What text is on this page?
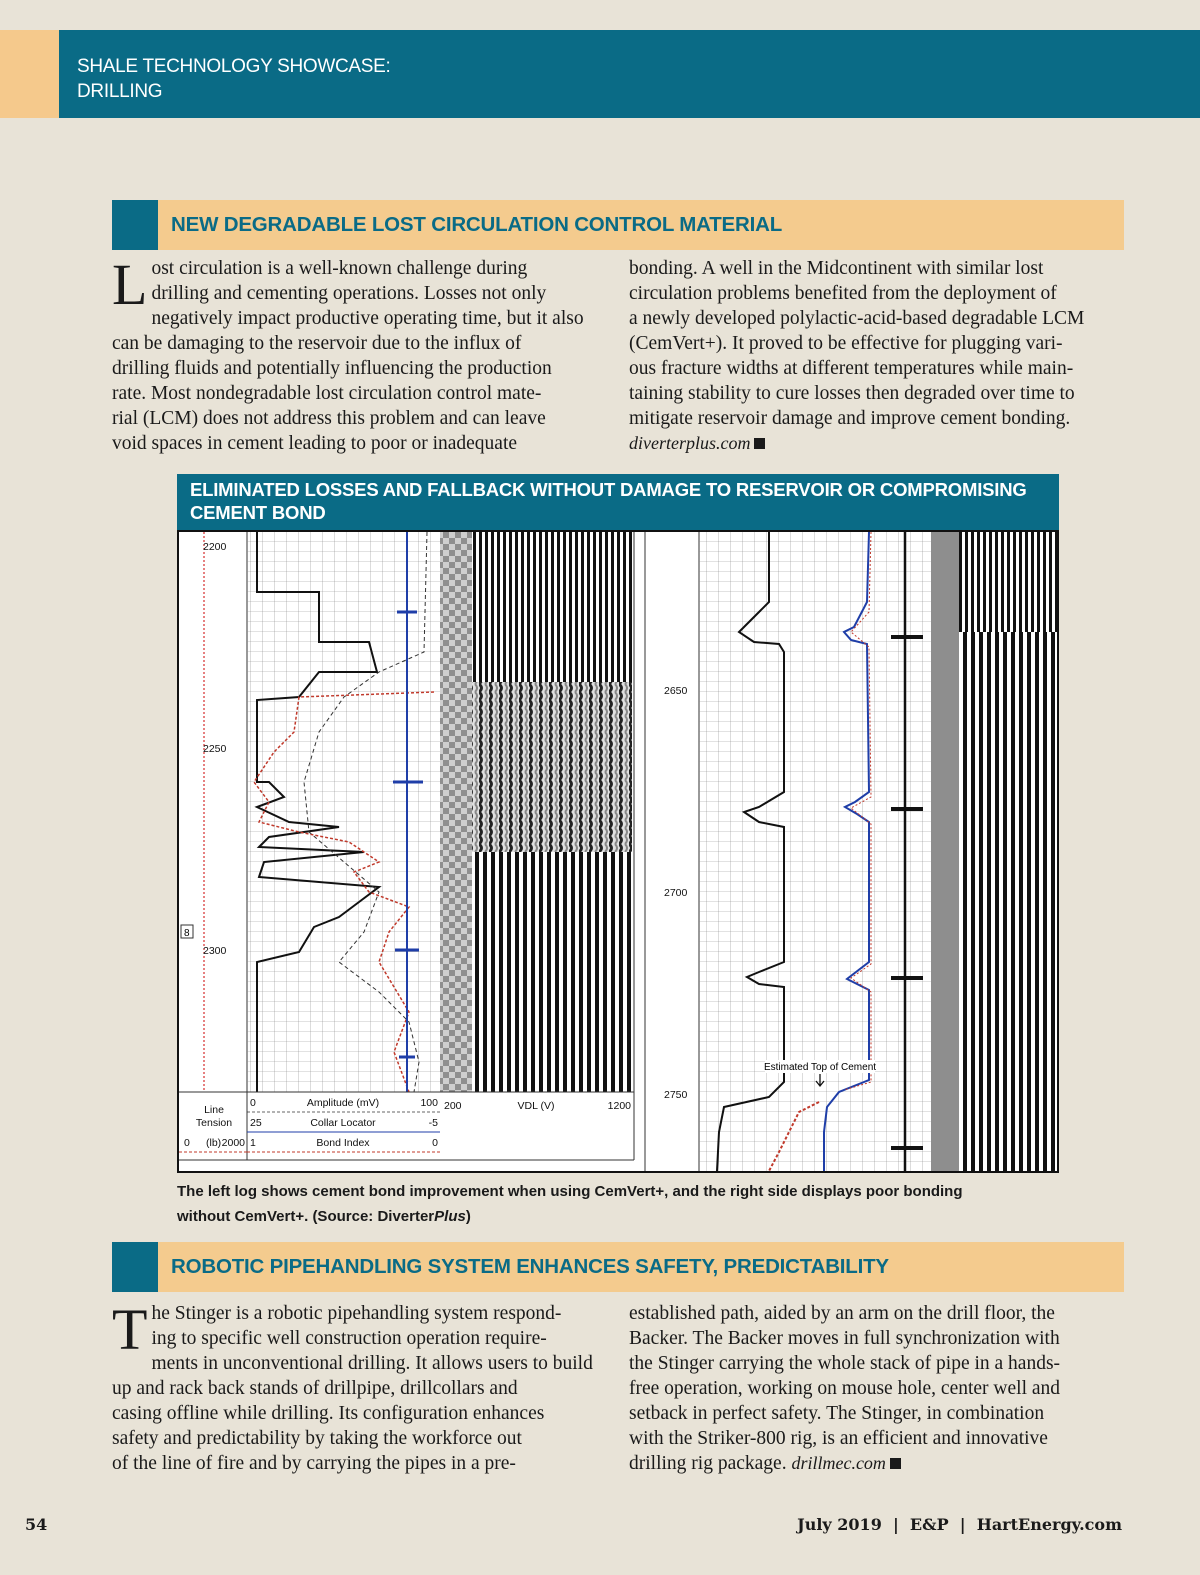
SHALE TECHNOLOGY SHOWCASE:
DRILLING
NEW DEGRADABLE LOST CIRCULATION CONTROL MATERIAL
L ost circulation is a well-known challenge during
drilling and cementing operations. Losses not only
negatively impact productive operating time, but it also
can be damaging to the reservoir due to the influx of
drilling fluids and potentially influencing the production
rate. Most nondegradable lost circulation control mate-
rial (LCM) does not address this problem and can leave
void spaces in cement leading to poor or inadequate
bonding. A well in the Midcontinent with similar lost
circulation problems benefited from the deployment of
a newly developed polylactic-acid-based degradable LCM
(CemVert+). It proved to be effective for plugging vari-
ous fracture widths at different temperatures while main-
taining stability to cure losses then degraded over time to
mitigate reservoir damage and improve cement bonding.

diverterplus.com

ELIMINATED LOSSES AND FALLBACK WITHOUT DAMAGE TO RESERVOIR OR COMPROMISING CEMENT BOND
2200
2250
2300
8
Line
0 (lb) 2000
0	Amplitude (mV)	100
25	Collar Locator	-5
1	Bond Index	0
200	VDL (V)	1200
Tension
2650
2700
2750
Estimated Top of Cement
The left log shows cement bond improvement when using CemVert+, and the right side displays poor bonding
without CemVert+. (Source: DiverterPlus)
ROBOTIC PIPEHANDLING SYSTEM ENHANCES SAFETY, PREDICTABILITY
T he Stinger is a robotic pipehandling system respond-
ing to specific well construction operation require-
ments in unconventional drilling. It allows users to build
up and rack back stands of drillpipe, drillcollars and
casing offline while drilling. Its configuration enhances
safety and predictability by taking the workforce out
of the line of fire and by carrying the pipes in a pre-
established path, aided by an arm on the drill floor, the
Backer. The Backer moves in full synchronization with
the Stinger carrying the whole stack of pipe in a hands-
free operation, working on mouse hole, center well and
setback in perfect safety. The Stinger, in combination
with the Striker-800 rig, is an efficient and innovative
drilling rig package. drillmec.com
54	July 2019  |  E&P  |  HartEnergy.com
